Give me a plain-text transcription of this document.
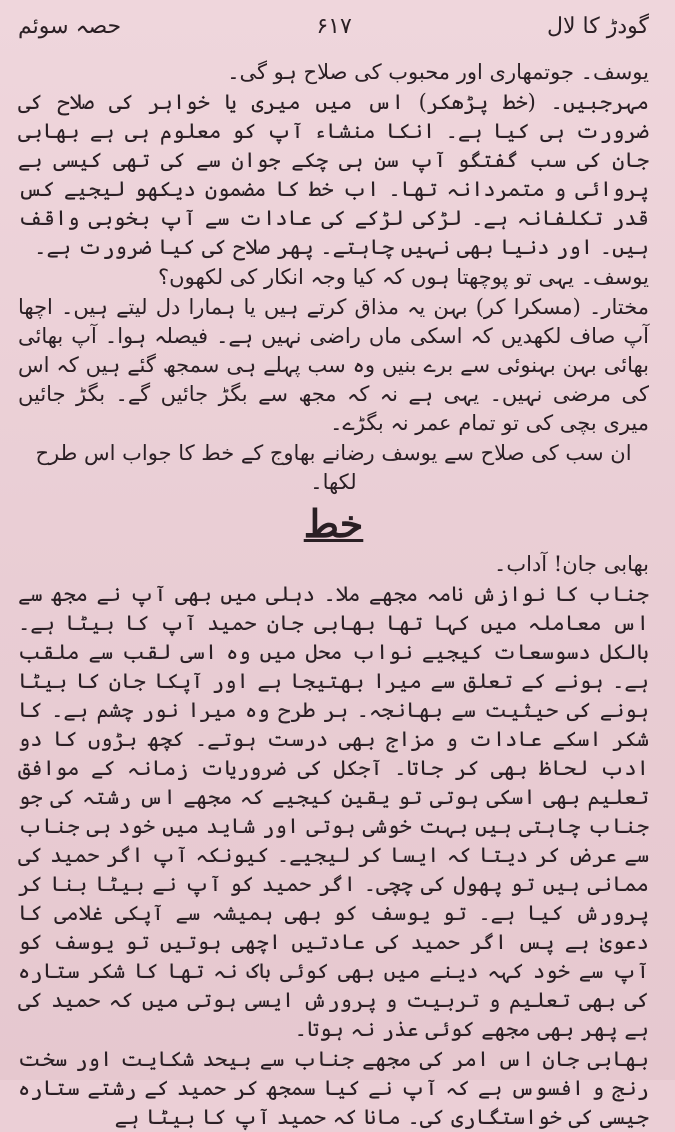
گودڑ کا لال
۶۱۷
حصہ سوئم

یوسف۔ جوتمھاری اور محبوب کی صلاح ہو گی۔

مہرجبیں۔ (خط پڑھکر) اس میں میری یا خواہر کی صلاح کی ضرورت ہی کیا ہے۔ انکا منشاء آپ کو معلوم ہی ہے بھابی جان کی سب گفتگو آپ سن ہی چکے جوان سے کی تھی کیسی بے پروائی و متمردانہ تھا۔ اب خط کا مضمون دیکھو لیجیے کس قدر تکلفانہ ہے۔ لڑکی لڑکے کی عادات سے آپ بخوبی واقف ہیں۔ اور دنیا بھی نہیں چاہتے۔ پھر صلاح کی کیا ضرورت ہے۔

یوسف۔ یہی تو پوچھتا ہوں کہ کیا وجہ انکار کی لکھوں؟

مختار۔ (مسکرا کر) بہن یہ مذاق کرتے ہیں یا ہمارا دل لیتے ہیں۔ اچھا آپ صاف لکھدیں کہ اسکی ماں راضی نہیں ہے۔ فیصلہ ہوا۔ آپ بھائی بھائی بہن بہنوئی سے برے بنیں وہ سب پہلے ہی سمجھ گئے ہیں کہ اس کی مرضی نہیں۔ یہی ہے نہ کہ مجھ سے بگڑ جائیں گے۔ بگڑ جائیں میری بچی کی تو تمام عمر نہ بگڑے۔

ان سب کی صلاح سے یوسف رضانے بھاوج کے خط کا جواب اس طرح لکھا۔

خط

بھابی جان! آداب۔

جناب کا نوازش نامہ مجھے ملا۔ دہلی میں بھی آپ نے مجھ سے اس معاملہ میں کہا تھا بھابی جان حمید آپ کا بیٹا ہے۔ بالکل دسوسعات کیجیے نواب محل میں وہ اسی لقب سے ملقب ہے۔ ہونے کے تعلق سے میرا بھتیجا ہے اور آپکا جان کا بیٹا ہونے کی حیثیت سے بھانجہ۔ ہر طرح وہ میرا نور چشم ہے۔ کا شکر اسکے عادات و مزاج بھی درست ہوتے۔ کچھ بڑوں کا دو ادب لحاظ بھی کر جاتا۔ آجکل کی ضروریات زمانہ کے موافق تعلیم بھی اسکی ہوتی تو یقین کیجیے کہ مجھے اس رشتہ کی جو جناب چاہتی ہیں بہت خوشی ہوتی اور شاید میں خود ہی جناب سے عرض کر دیتا کہ ایسا کر لیجیے۔ کیونکہ آپ اگر حمید کی ممانی ہیں تو پھول کی چچی۔ اگر حمید کو آپ نے بیٹا بنا کر پرورش کیا ہے۔ تو یوسف کو بھی ہمیشہ سے آپکی غلامی کا دعویٰ ہے پس اگر حمید کی عادتیں اچھی ہوتیں تو یوسف کو آپ سے خود کہہ دینے میں بھی کوئی باک نہ تھا کا شکر ستارہ کی بھی تعلیم و تربیت و پرورش ایسی ہوتی میں کہ حمید کی ہے پھر بھی مجھے کوئی عذر نہ ہوتا۔

بھابی جان اس امر کی مجھے جناب سے بیحد شکایت اور سخت رنج و افسوس ہے کہ آپ نے کیا سمجھ کر حمید کے رشتے ستارہ جیسی کی خواستگاری کی۔ مانا کہ حمید آپ کا بیٹا ہے
